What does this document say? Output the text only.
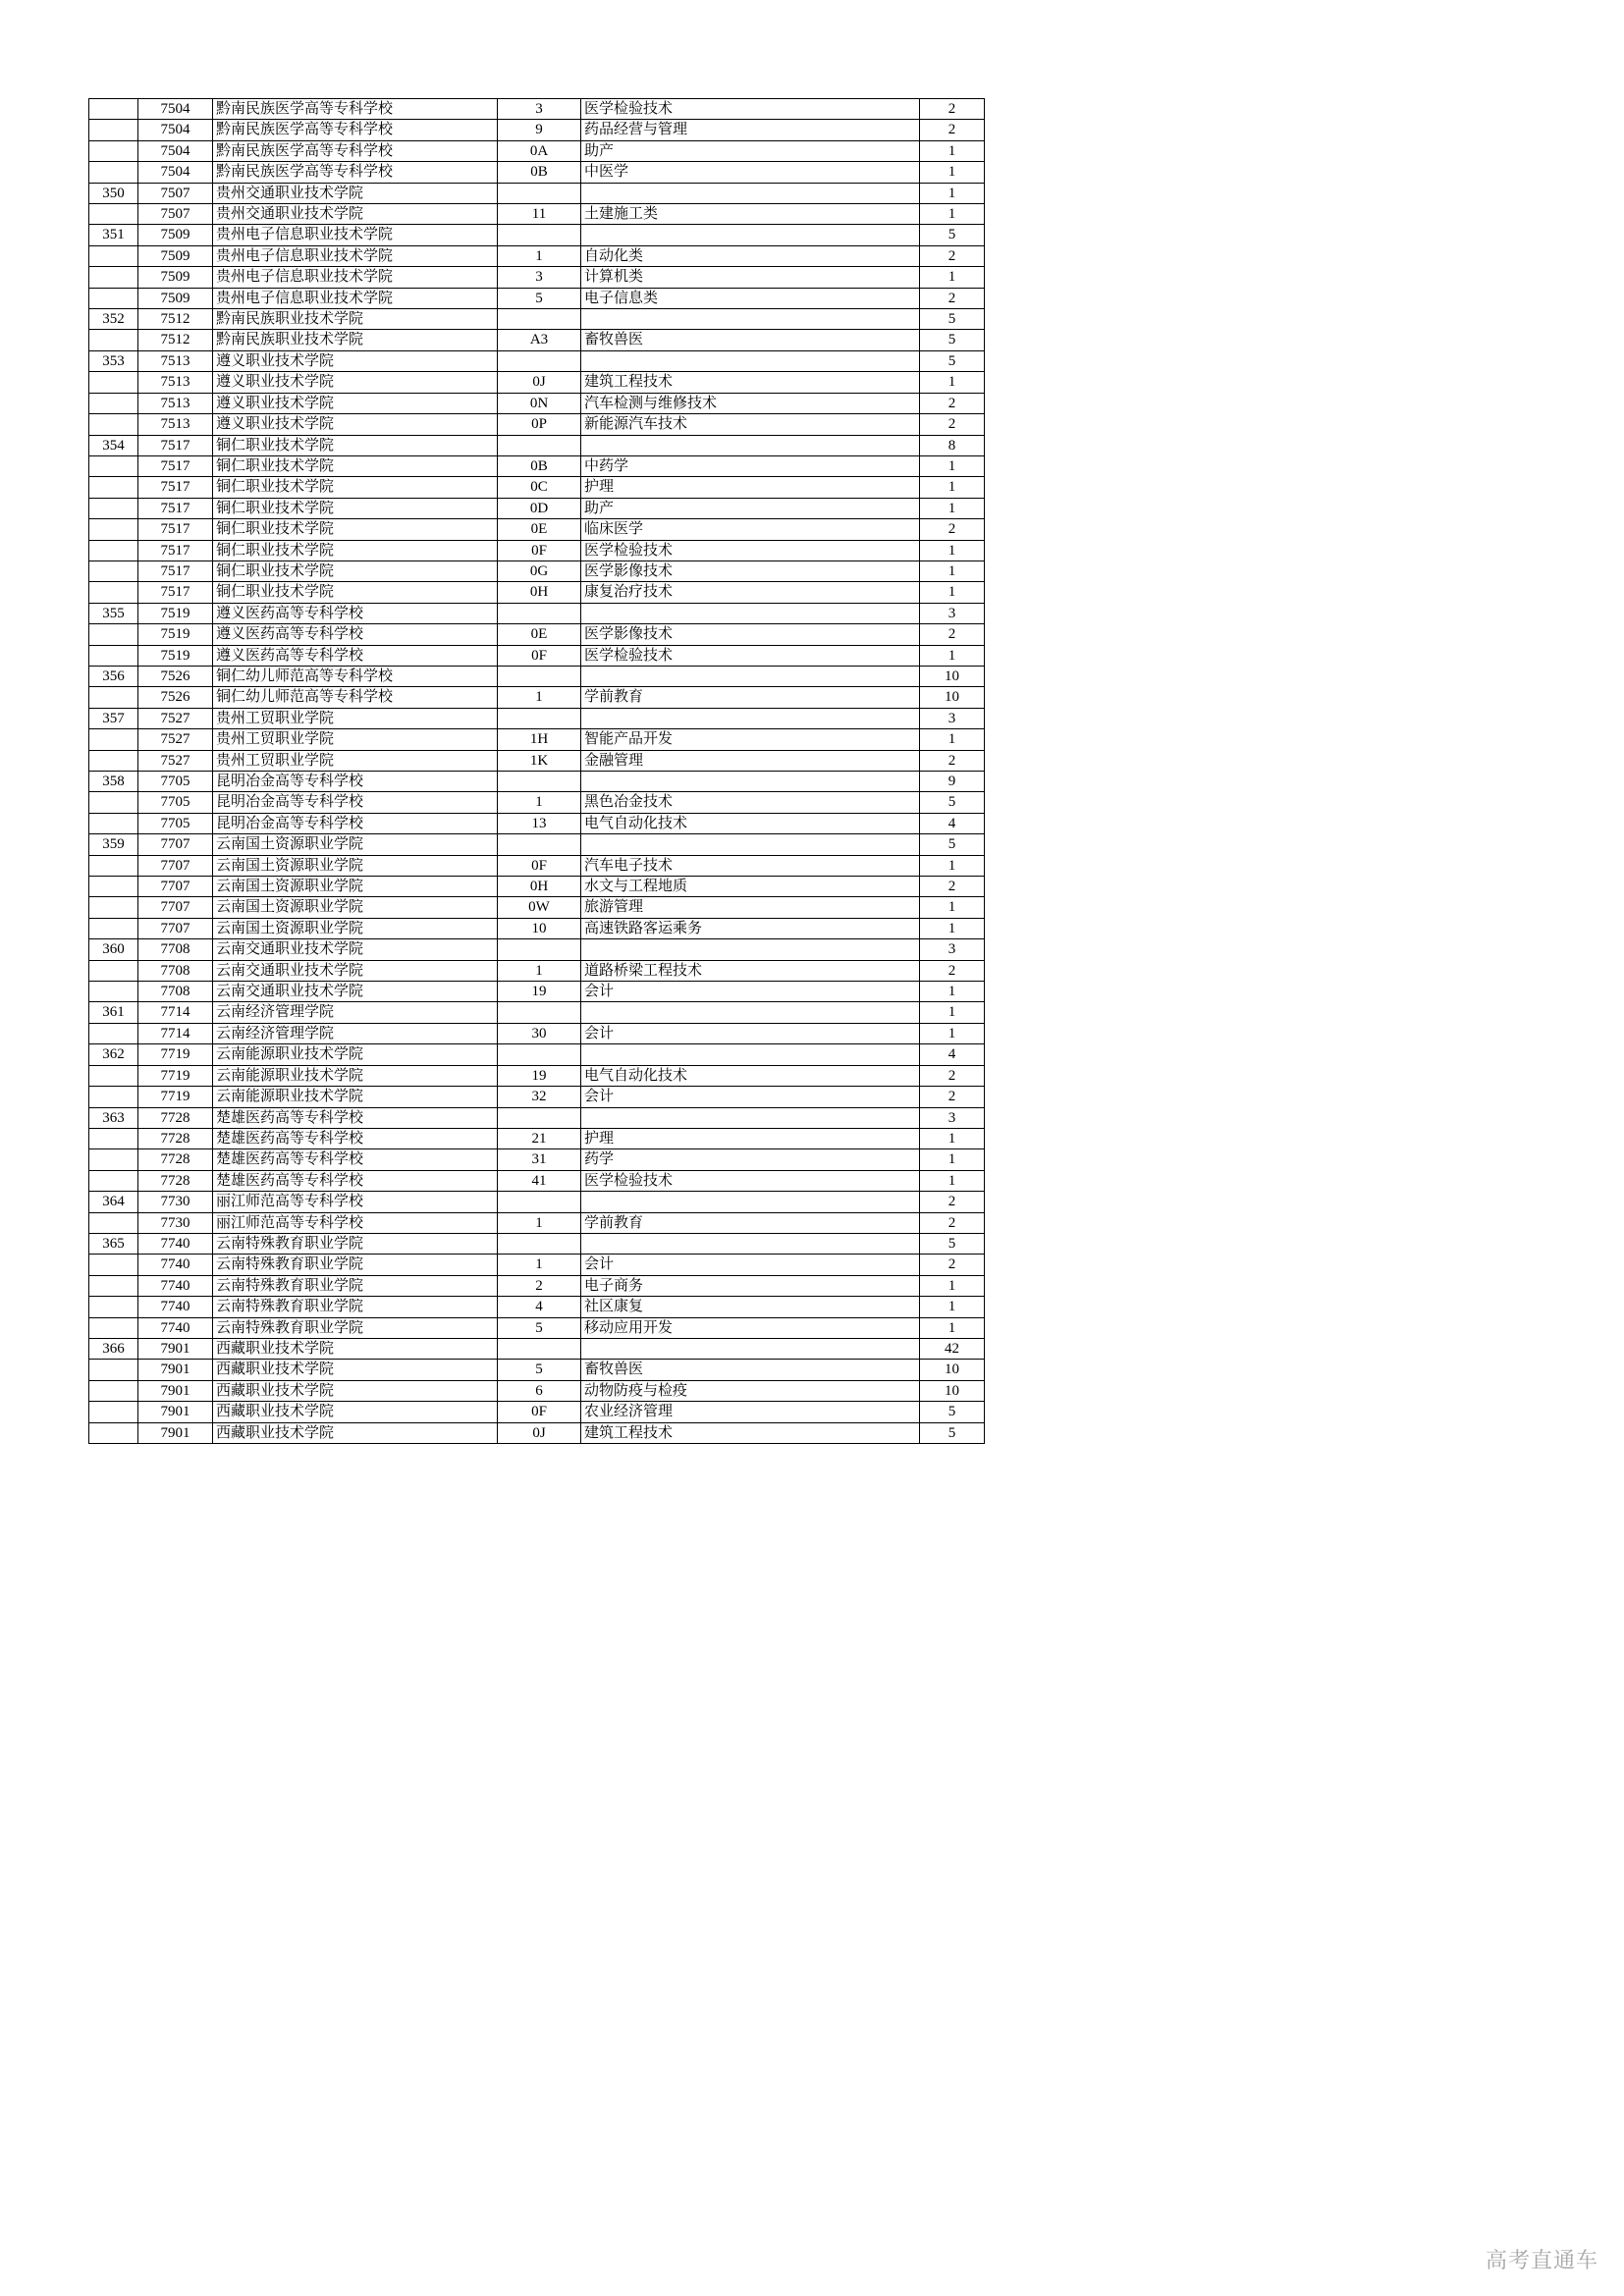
	7504	黔南民族医学高等专科学校	3	医学检验技术	2
	7504	黔南民族医学高等专科学校	9	药品经营与管理	2
	7504	黔南民族医学高等专科学校	0A	助产	1
	7504	黔南民族医学高等专科学校	0B	中医学	1
350	7507	贵州交通职业技术学院			1
	7507	贵州交通职业技术学院	11	土建施工类	1
351	7509	贵州电子信息职业技术学院			5
	7509	贵州电子信息职业技术学院	1	自动化类	2
	7509	贵州电子信息职业技术学院	3	计算机类	1
	7509	贵州电子信息职业技术学院	5	电子信息类	2
352	7512	黔南民族职业技术学院			5
	7512	黔南民族职业技术学院	A3	畜牧兽医	5
353	7513	遵义职业技术学院			5
	7513	遵义职业技术学院	0J	建筑工程技术	1
	7513	遵义职业技术学院	0N	汽车检测与维修技术	2
	7513	遵义职业技术学院	0P	新能源汽车技术	2
354	7517	铜仁职业技术学院			8
	7517	铜仁职业技术学院	0B	中药学	1
	7517	铜仁职业技术学院	0C	护理	1
	7517	铜仁职业技术学院	0D	助产	1
	7517	铜仁职业技术学院	0E	临床医学	2
	7517	铜仁职业技术学院	0F	医学检验技术	1
	7517	铜仁职业技术学院	0G	医学影像技术	1
	7517	铜仁职业技术学院	0H	康复治疗技术	1
355	7519	遵义医药高等专科学校			3
	7519	遵义医药高等专科学校	0E	医学影像技术	2
	7519	遵义医药高等专科学校	0F	医学检验技术	1
356	7526	铜仁幼儿师范高等专科学校			10
	7526	铜仁幼儿师范高等专科学校	1	学前教育	10
357	7527	贵州工贸职业学院			3
	7527	贵州工贸职业学院	1H	智能产品开发	1
	7527	贵州工贸职业学院	1K	金融管理	2
358	7705	昆明冶金高等专科学校			9
	7705	昆明冶金高等专科学校	1	黑色冶金技术	5
	7705	昆明冶金高等专科学校	13	电气自动化技术	4
359	7707	云南国土资源职业学院			5
	7707	云南国土资源职业学院	0F	汽车电子技术	1
	7707	云南国土资源职业学院	0H	水文与工程地质	2
	7707	云南国土资源职业学院	0W	旅游管理	1
	7707	云南国土资源职业学院	10	高速铁路客运乘务	1
360	7708	云南交通职业技术学院			3
	7708	云南交通职业技术学院	1	道路桥梁工程技术	2
	7708	云南交通职业技术学院	19	会计	1
361	7714	云南经济管理学院			1
	7714	云南经济管理学院	30	会计	1
362	7719	云南能源职业技术学院			4
	7719	云南能源职业技术学院	19	电气自动化技术	2
	7719	云南能源职业技术学院	32	会计	2
363	7728	楚雄医药高等专科学校			3
	7728	楚雄医药高等专科学校	21	护理	1
	7728	楚雄医药高等专科学校	31	药学	1
	7728	楚雄医药高等专科学校	41	医学检验技术	1
364	7730	丽江师范高等专科学校			2
	7730	丽江师范高等专科学校	1	学前教育	2
365	7740	云南特殊教育职业学院			5
	7740	云南特殊教育职业学院	1	会计	2
	7740	云南特殊教育职业学院	2	电子商务	1
	7740	云南特殊教育职业学院	4	社区康复	1
	7740	云南特殊教育职业学院	5	移动应用开发	1
366	7901	西藏职业技术学院			42
	7901	西藏职业技术学院	5	畜牧兽医	10
	7901	西藏职业技术学院	6	动物防疫与检疫	10
	7901	西藏职业技术学院	0F	农业经济管理	5
	7901	西藏职业技术学院	0J	建筑工程技术	5
高考直通车
